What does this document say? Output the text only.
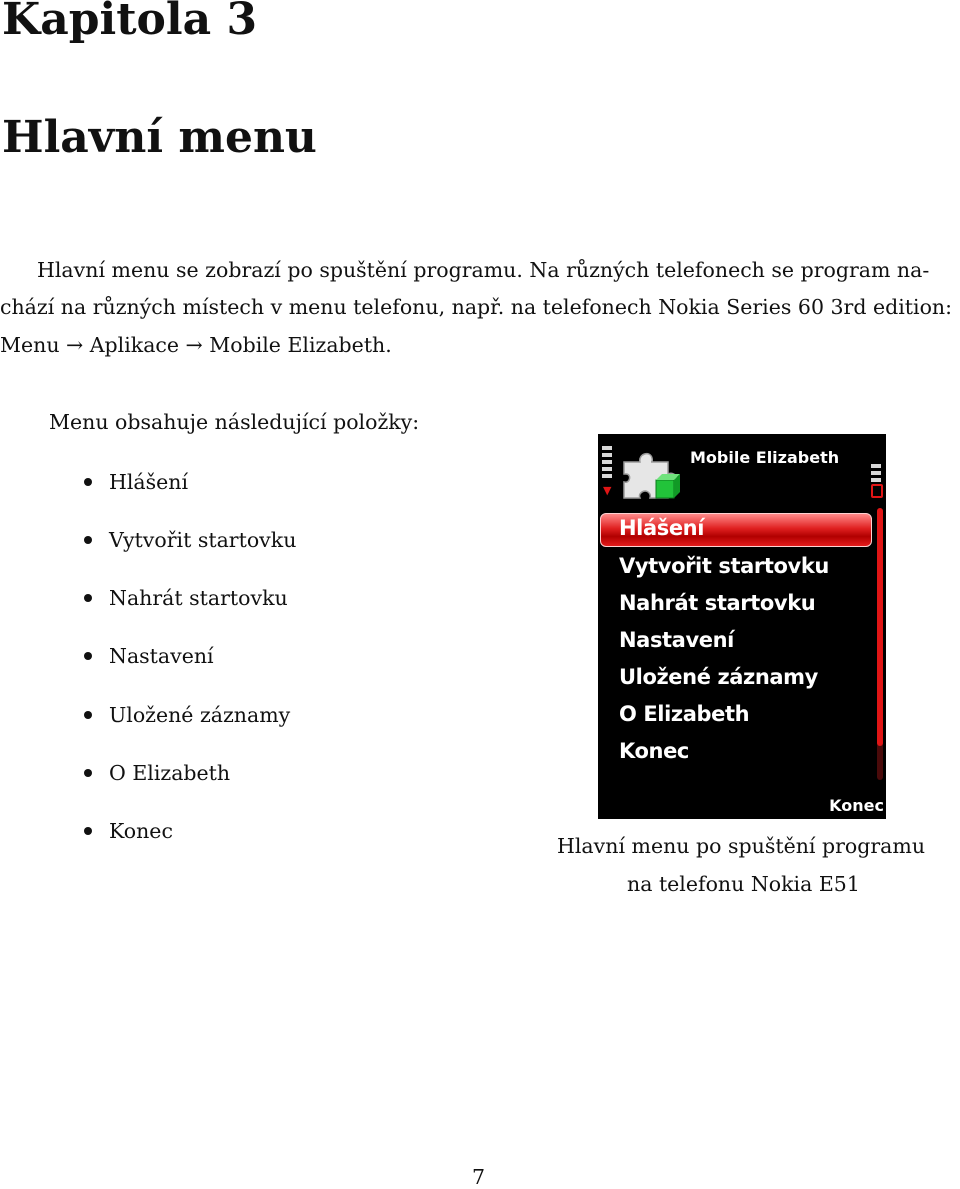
Kapitola 3
Hlavní menu
Hlavní menu se zobrazí po spuštění programu. Na různých telefonech se program na-
chází na různých místech v menu telefonu, např. na telefonech Nokia Series 60 3rd edition:
Menu → Aplikace → Mobile Elizabeth.
Menu obsahuje následující položky:
Hlášení
Vytvořit startovku
Nahrát startovku
Nastavení
Uložené záznamy
O Elizabeth
Konec
▼
Mobile Elizabeth
Hlášení
Vytvořit startovku
Nahrát startovku
Nastavení
Uložené záznamy
O Elizabeth
Konec
Konec
Hlavní menu po spuštění programu
na telefonu Nokia E51
7
